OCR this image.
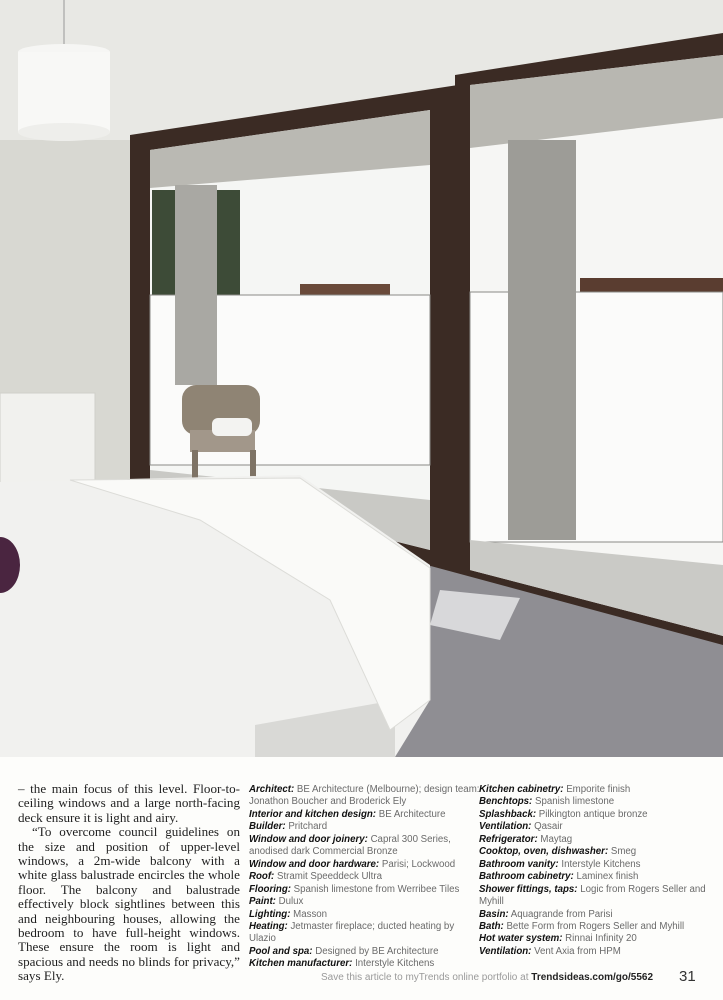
– the main focus of this level. Floor-to-ceiling windows and a large north-facing deck ensure it is light and airy.

“To overcome council guidelines on the size and position of upper-level windows, a 2m-wide balcony with a white glass balustrade encircles the whole floor. The balcony and balustrade effectively block sightlines between this and neighbouring houses, allowing the bedroom to have full-height windows. These ensure the room is light and spacious and needs no blinds for privacy,” says Ely.

Architect: BE Architecture (Melbourne); design team: Jonathon Boucher and Broderick Ely
Interior and kitchen design: BE Architecture
Builder: Pritchard
Window and door joinery: Capral 300 Series, anodised dark Commercial Bronze
Window and door hardware: Parisi; Lockwood
Roof: Stramit Speeddeck Ultra
Flooring: Spanish limestone from Werribee Tiles
Paint: Dulux
Lighting: Masson
Heating: Jetmaster fireplace; ducted heating by Ulazio
Pool and spa: Designed by BE Architecture
Kitchen manufacturer: Interstyle Kitchens
Kitchen cabinetry: Emporite finish
Benchtops: Spanish limestone
Splashback: Pilkington antique bronze
Ventilation: Qasair
Refrigerator: Maytag
Cooktop, oven, dishwasher: Smeg
Bathroom vanity: Interstyle Kitchens
Bathroom cabinetry: Laminex finish
Shower fittings, taps: Logic from Rogers Seller and Myhill
Basin: Aquagrande from Parisi
Bath: Bette Form from Rogers Seller and Myhill
Hot water system: Rinnai Infinity 20
Ventilation: Vent Axia from HPM
Save this article to myTrends online portfolio at Trendsideas.com/go/5562 31
